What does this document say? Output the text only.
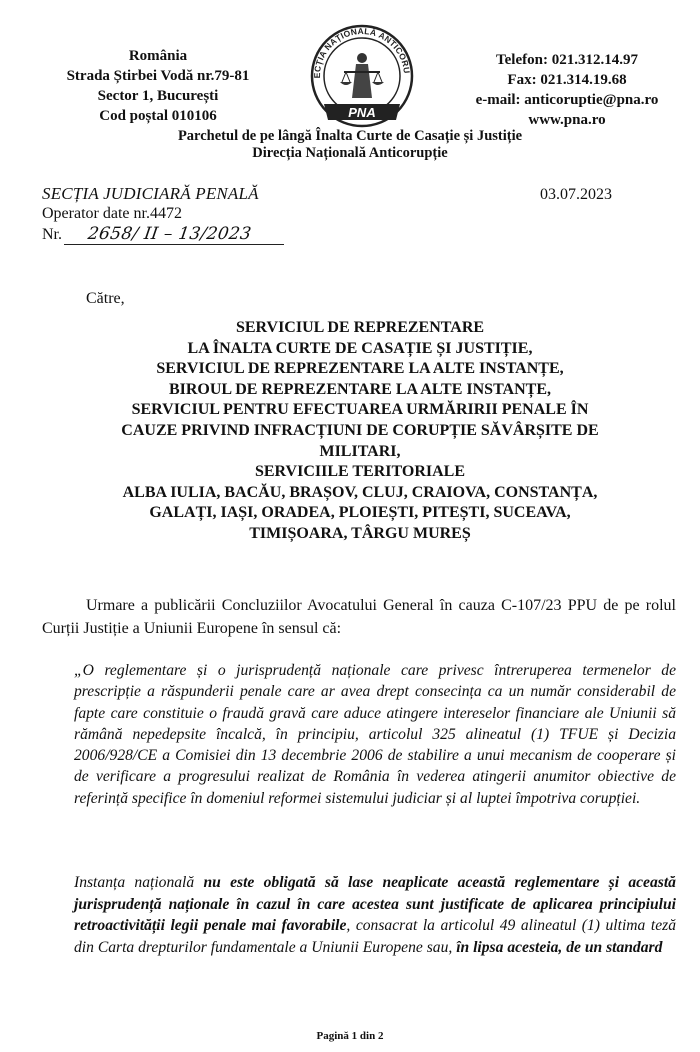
România
Strada Știrbei Vodă nr.79-81
Sector 1, București
Cod poștal 010106
ECȚIA NAȚIONALĂ ANTICORU
PNA
Telefon: 021.312.14.97
Fax: 021.314.19.68
e-mail: anticoruptie@pna.ro
www.pna.ro
Parchetul de pe lângă Înalta Curte de Casație și Justiție
Direcția Națională Anticorupție
SECȚIA JUDICIARĂ PENALĂ
Operator date nr.4472
Nr. 2658/ II – 13/2023
03.07.2023
Către,
SERVICIUL DE REPREZENTARE
LA ÎNALTA CURTE DE CASAȚIE ȘI JUSTIȚIE,
SERVICIUL DE REPREZENTARE LA ALTE INSTANȚE,
BIROUL DE REPREZENTARE LA ALTE INSTANȚE,
SERVICIUL PENTRU EFECTUAREA URMĂRIRII PENALE ÎN
CAUZE PRIVIND INFRACȚIUNI DE CORUPȚIE SĂVÂRȘITE DE
MILITARI,
SERVICIILE TERITORIALE
ALBA IULIA, BACĂU, BRAȘOV, CLUJ, CRAIOVA, CONSTANȚA,
GALAȚI, IAȘI, ORADEA, PLOIEȘTI, PITEȘTI, SUCEAVA,
TIMIȘOARA, TÂRGU MUREȘ
Urmare a publicării Concluziilor Avocatului General în cauza C-107/23 PPU de pe rolul Curții Justiție a Uniunii Europene în sensul că:
„O reglementare și o jurisprudență naționale care privesc întreruperea termenelor de prescripție a răspunderii penale care ar avea drept consecința ca un număr considerabil de fapte care constituie o fraudă gravă care aduce atingere intereselor financiare ale Uniunii să rămână nepedepsite încalcă, în principiu, articolul 325 alineatul (1) TFUE și Decizia 2006/928/CE a Comisiei din 13 decembrie 2006 de stabilire a unui mecanism de cooperare și de verificare a progresului realizat de România în vederea atingerii anumitor obiective de referință specifice în domeniul reformei sistemului judiciar și al luptei împotriva corupției.
Instanța națională nu este obligată să lase neaplicate această reglementare și această jurisprudență naționale în cazul în care acestea sunt justificate de aplicarea principiului retroactivității legii penale mai favorabile, consacrat la articolul 49 alineatul (1) ultima teză din Carta drepturilor fundamentale a Uniunii Europene sau, în lipsa acesteia, de un standard
Pagină 1 din 2
